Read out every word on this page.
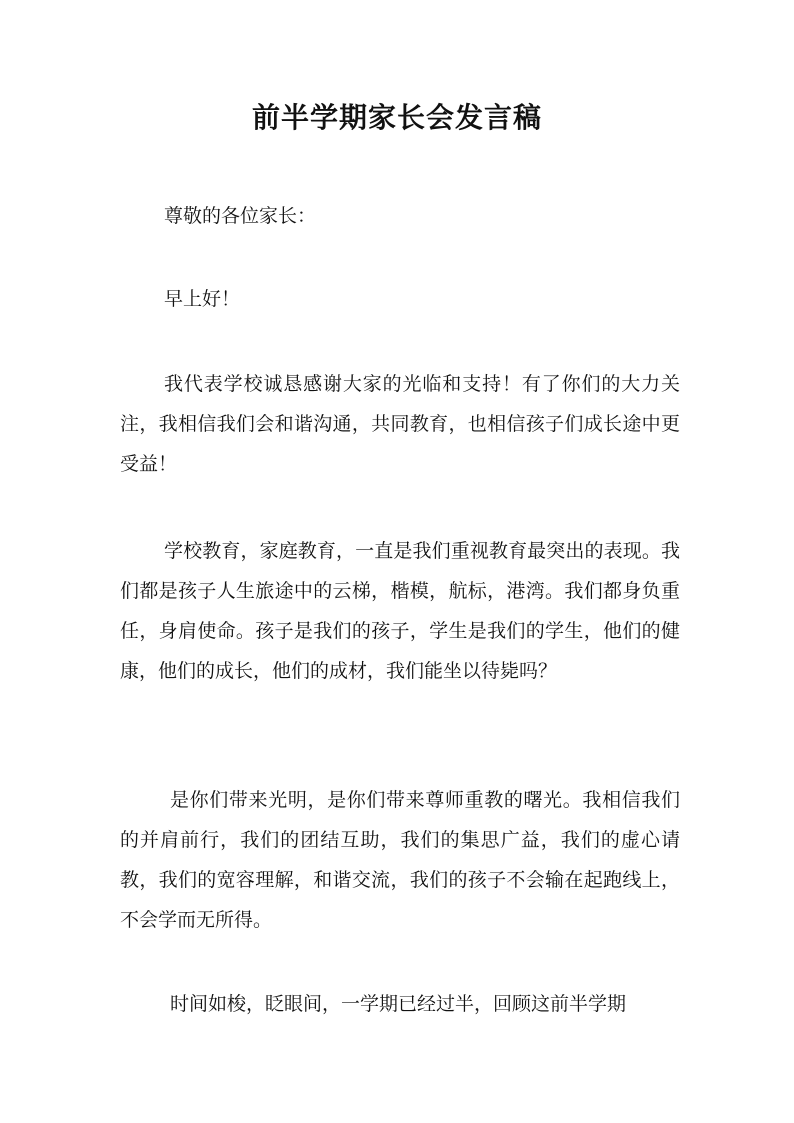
前半学期家长会发言稿

尊敬的各位家长：

早上好！

我代表学校诚恳感谢大家的光临和支持！有了你们的大力关注，我相信我们会和谐沟通，共同教育，也相信孩子们成长途中更受益！

学校教育，家庭教育，一直是我们重视教育最突出的表现。我们都是孩子人生旅途中的云梯，楷模，航标，港湾。我们都身负重任，身肩使命。孩子是我们的孩子，学生是我们的学生，他们的健康，他们的成长，他们的成材，我们能坐以待毙吗？

是你们带来光明，是你们带来尊师重教的曙光。我相信我们的并肩前行，我们的团结互助，我们的集思广益，我们的虚心请教，我们的宽容理解，和谐交流，我们的孩子不会输在起跑线上，不会学而无所得。

时间如梭，眨眼间，一学期已经过半，回顾这前半学期
